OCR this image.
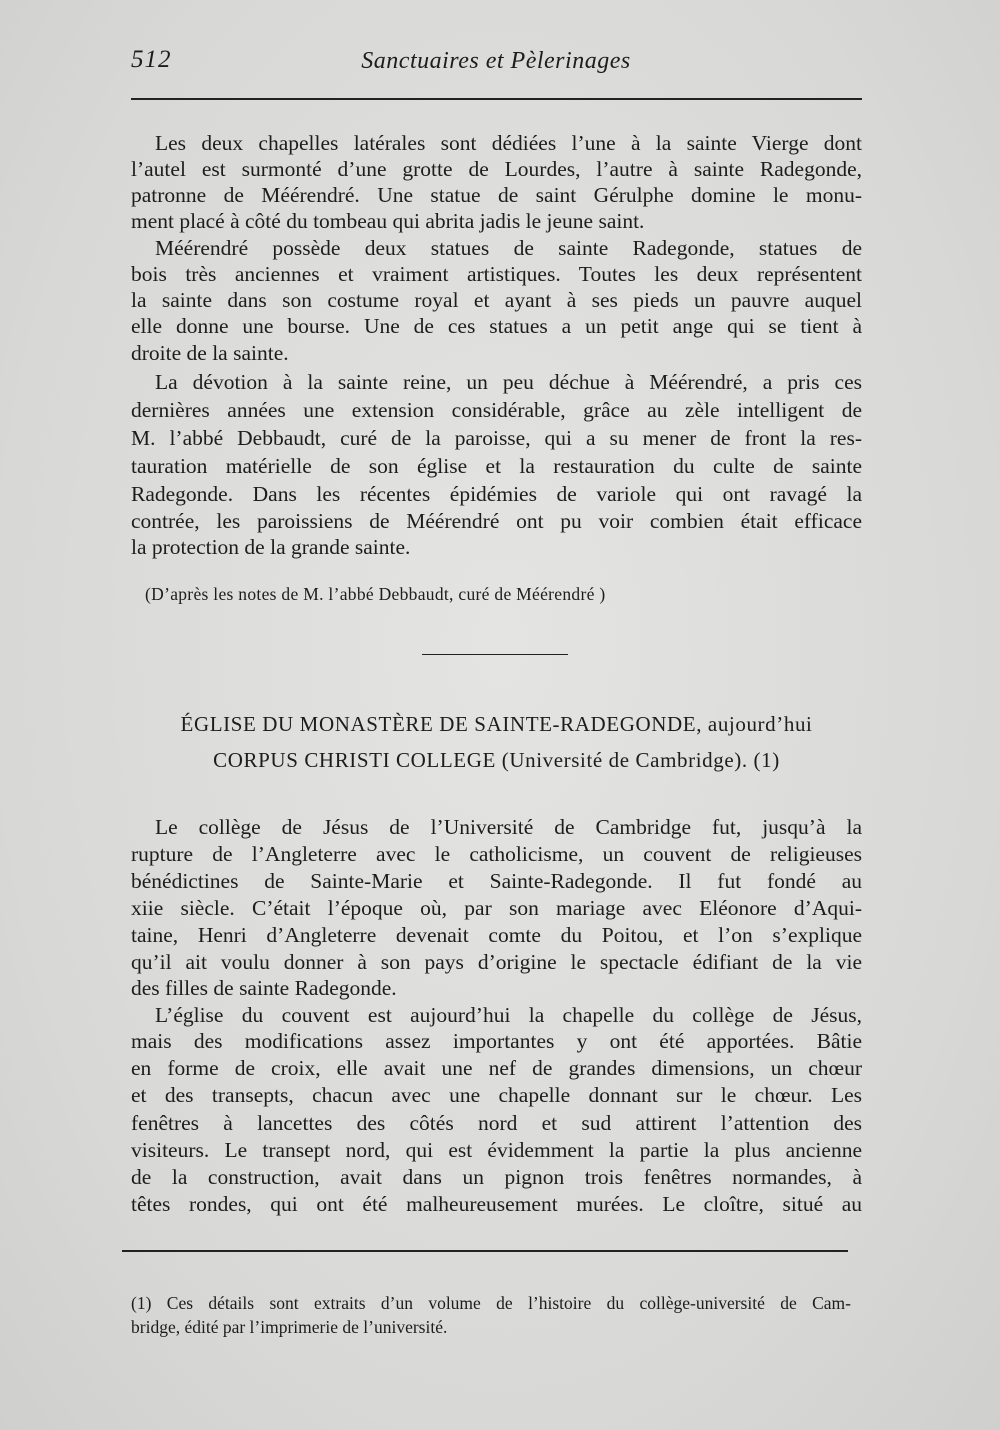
512	Sanctuaires et Pèlerinages
Les deux chapelles latérales sont dédiées l’une à la sainte Vierge dont
l’autel est surmonté d’une grotte de Lourdes, l’autre à sainte Radegonde,
patronne de Méérendré. Une statue de saint Gérulphe domine le monu-
ment placé à côté du tombeau qui abrita jadis le jeune saint.
Méérendré possède deux statues de sainte Radegonde, statues de
bois très anciennes et vraiment artistiques. Toutes les deux représentent
la sainte dans son costume royal et ayant à ses pieds un pauvre auquel
elle donne une bourse. Une de ces statues a un petit ange qui se tient à
droite de la sainte.
La dévotion à la sainte reine, un peu déchue à Méérendré, a pris ces
dernières années une extension considérable, grâce au zèle intelligent de
M. l’abbé Debbaudt, curé de la paroisse, qui a su mener de front la res-
tauration matérielle de son église et la restauration du culte de sainte
Radegonde. Dans les récentes épidémies de variole qui ont ravagé la
contrée, les paroissiens de Méérendré ont pu voir combien était efficace
la protection de la grande sainte.
(D’après les notes de M. l’abbé Debbaudt, curé de Méérendré )
ÉGLISE DU MONASTÈRE DE SAINTE-RADEGONDE, aujourd’hui
CORPUS CHRISTI COLLEGE (Université de Cambridge). (1)
Le collège de Jésus de l’Université de Cambridge fut, jusqu’à la
rupture de l’Angleterre avec le catholicisme, un couvent de religieuses
bénédictines de Sainte-Marie et Sainte-Radegonde. Il fut fondé au
xiie siècle. C’était l’époque où, par son mariage avec Eléonore d’Aqui-
taine, Henri d’Angleterre devenait comte du Poitou, et l’on s’explique
qu’il ait voulu donner à son pays d’origine le spectacle édifiant de la vie
des filles de sainte Radegonde.
L’église du couvent est aujourd’hui la chapelle du collège de Jésus,
mais des modifications assez importantes y ont été apportées. Bâtie
en forme de croix, elle avait une nef de grandes dimensions, un chœur
et des transepts, chacun avec une chapelle donnant sur le chœur. Les
fenêtres à lancettes des côtés nord et sud attirent l’attention des
visiteurs. Le transept nord, qui est évidemment la partie la plus ancienne
de la construction, avait dans un pignon trois fenêtres normandes, à
têtes rondes, qui ont été malheureusement murées. Le cloître, situé au
(1) Ces détails sont extraits d’un volume de l’histoire du collège-université de Cam-
bridge, édité par l’imprimerie de l’université.
